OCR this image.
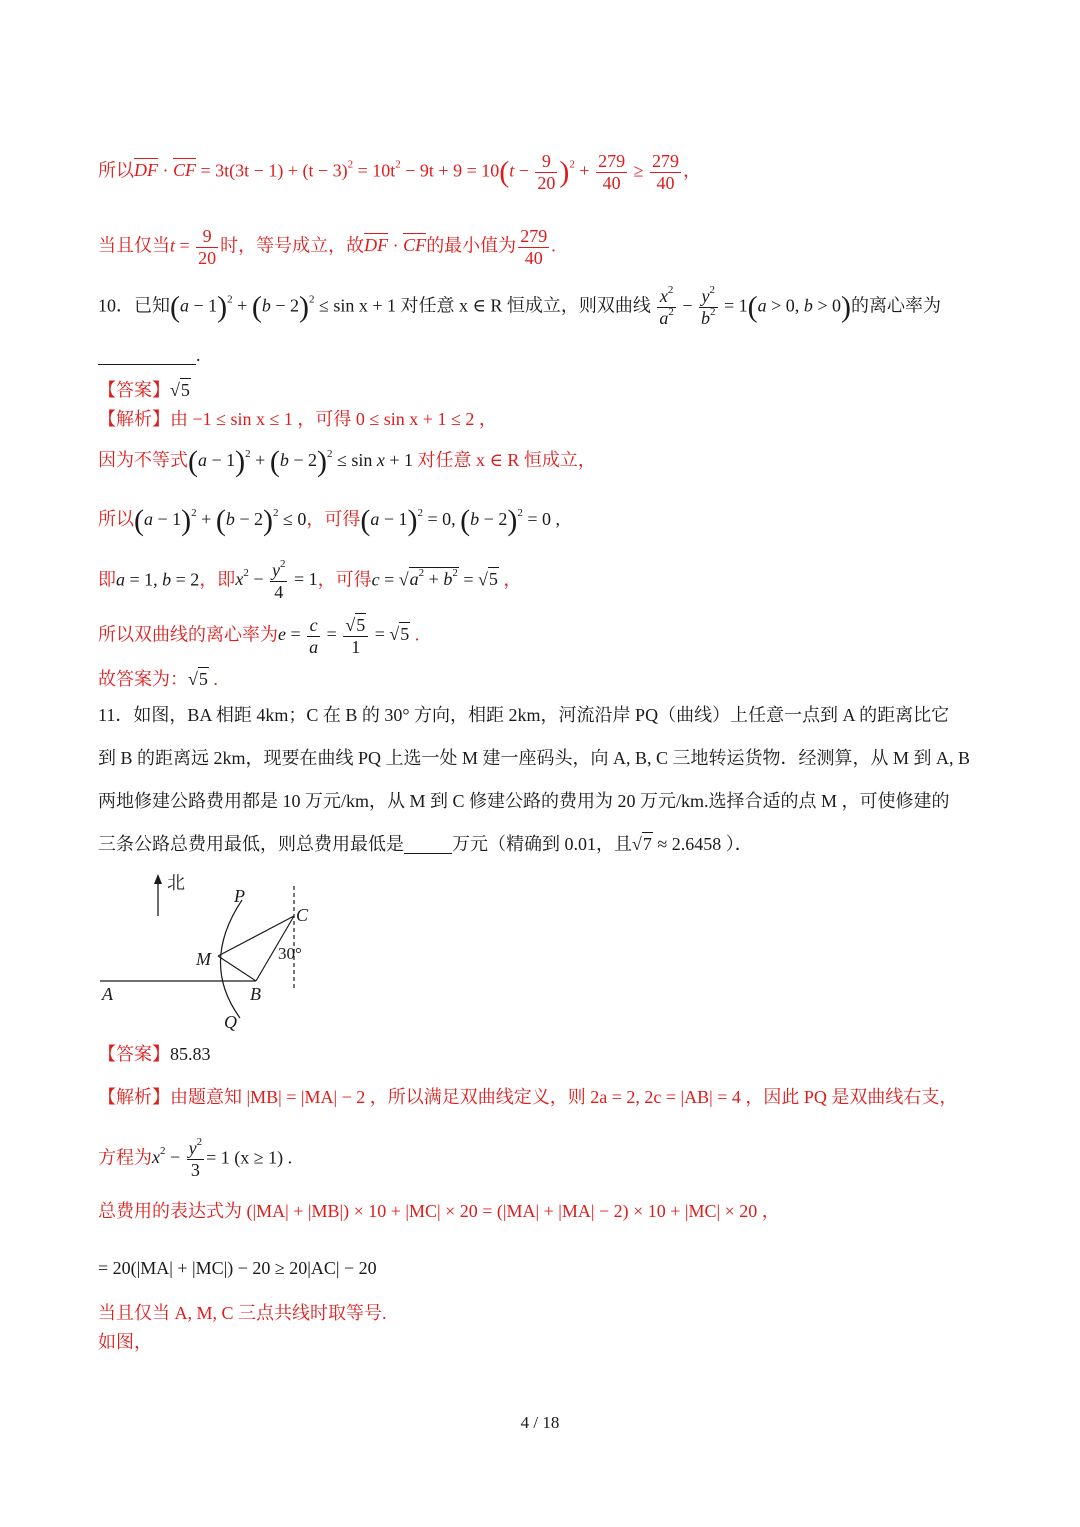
所以DF · CF = $3t(3t - 1) + (t - 3)^2 = 10t^2 - 9t + 9 = 10(t - \frac{9}{20} )^2 + \frac{279}{40} \ge \frac{279}{40}$ ，
当且仅当$t = \frac{9}{20}$ 时，等号成立，故DF · CF的最小值为 $\frac{279}{40}$ .
10．已知$(a - 1)^2 + (b - 2)^2 \le \sin x + 1$ 对任意 x ∈ R 恒成立，则双曲线 $\frac{x^2}{a^2} - \frac{y^2}{b^2} = 1(a > 0$, b > 0)的离心率为
.
【答案】√5
【解析】由 −1 ≤ sin x ≤ 1 ，可得 0 ≤ sin x + 1 ≤ 2 ，
因为不等式$(a - 1)^2 + (b - 2)^2 \le \sin x + 1$ 对任意 x ∈ R 恒成立，
所以$(a - 1)^2 + (b - 2)^2 \le 0$，可得$(a - 1)^2 = 0$, $(b - 2)^2 = 0$ ,
即a = 1, b = 2，即$x^2 - \frac{y^2}{4} = 1$，可得$c = √a^2 + b^2 = √5$ ，
所以双曲线的离心率为$e = \frac{c}{a} = \frac{√5}{1} = √5$ .
故答案为：√5 .
11．如图，BA 相距 4km；C 在 B 的 30° 方向，相距 2km，河流沿岸 PQ（曲线）上任意一点到 A 的距离比它
到 B 的距离远 2km，现要在曲线 PQ 上选一处 M 建一座码头，向 A, B, C 三地转运货物．经测算，从 M 到 A, B
两地修建公路费用都是 10 万元/km，从 M 到 C 修建公路的费用为 20 万元/km.选择合适的点 M ，可使修建的
三条公路总费用最低，则总费用最低是	万元（精确到 0.01，且√7 ≈ 2.6458 ）．
北
P
C
30°
M
A	B
Q
【答案】85.83
【解析】由题意知 |MB| = |MA| − 2 ，所以满足双曲线定义，则 2a = 2, 2c = |AB| = 4 ，因此 PQ 是双曲线右支，
方程为$x^2 - \frac{y^2}{3} = 1$ (x ≥ 1) .
总费用的表达式为 (|MA| + |MB|) × 10 + |MC| × 20 = (|MA| + |MA| − 2) × 10 + |MC| × 20 ，
= 20(|MA| + |MC|) − 20 ≥ 20|AC| − 20
当且仅当 A, M, C 三点共线时取等号.
如图，
4 / 18
